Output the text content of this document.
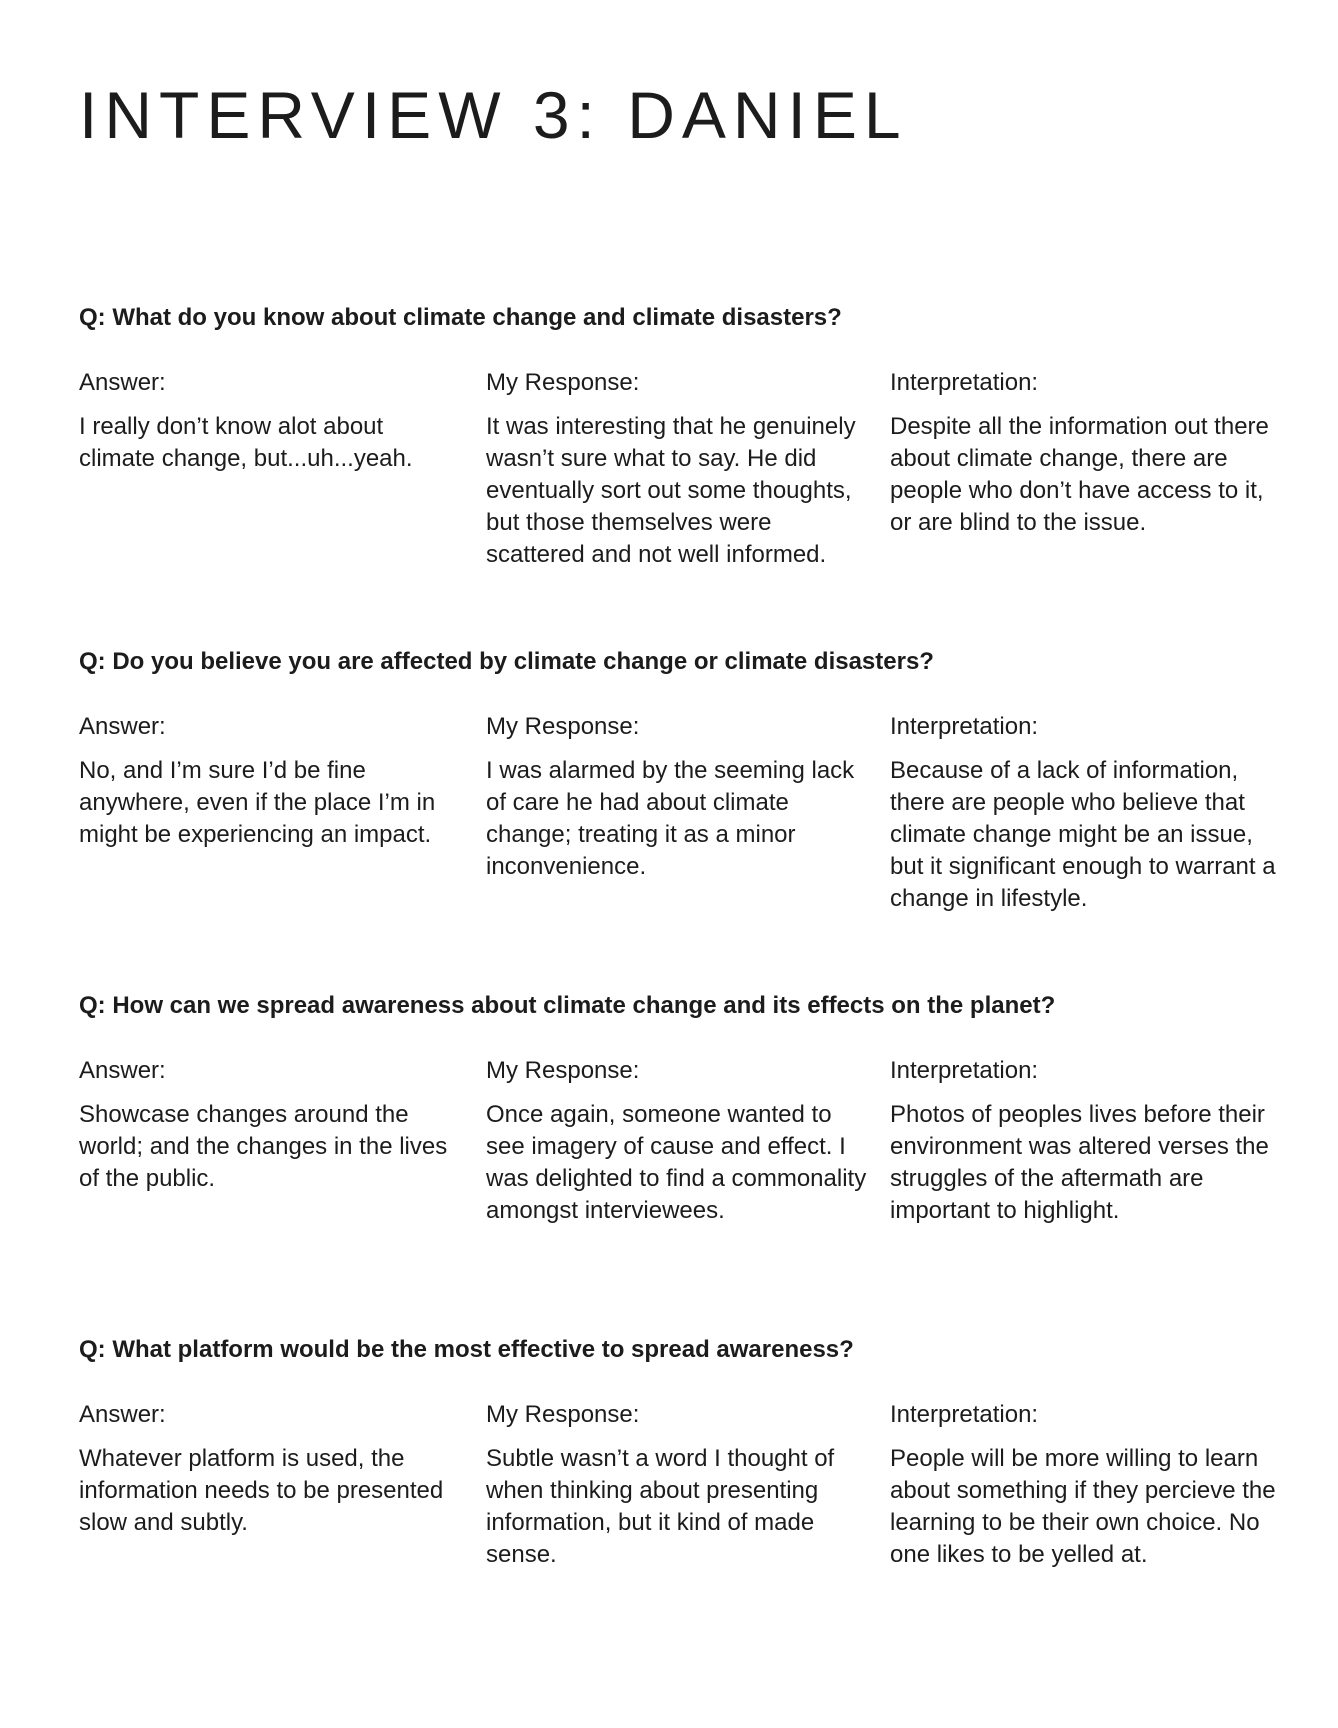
INTERVIEW 3: DANIEL
Q: What do you know about climate change and climate disasters?

Answer:

I really don’t know alot about climate change, but...uh...yeah.

My Response:

It was interesting that he genuinely wasn’t sure what to say. He did eventually sort out some thoughts, but those themselves were scattered and not well informed.

Interpretation:

Despite all the information out there about climate change, there are people who don’t have access to it, or are blind to the issue.

Q: Do you believe you are affected by climate change or climate disasters?

Answer:

No, and I’m sure I’d be fine anywhere, even if the place I’m in might be experiencing an impact.

My Response:

I was alarmed by the seeming lack of care he had about climate change; treating it as a minor inconvenience.

Interpretation:

Because of a lack of information, there are people who believe that climate change might be an issue, but it significant enough to warrant a change in lifestyle.

Q: How can we spread awareness about climate change and its effects on the planet?

Answer:

Showcase changes around the world; and the changes in the lives of the public.

My Response:

Once again, someone wanted to see imagery of cause and effect. I was delighted to find a commonality amongst interviewees.

Interpretation:

Photos of peoples lives before their environment was altered verses the struggles of the aftermath are important to highlight.

Q: What platform would be the most effective to spread awareness?

Answer:

Whatever platform is used, the information needs to be presented slow and subtly.

My Response:

Subtle wasn’t a word I thought of when thinking about presenting information, but it kind of made sense.

Interpretation:

People will be more willing to learn about something if they percieve the learning to be their own choice. No one likes to be yelled at.
